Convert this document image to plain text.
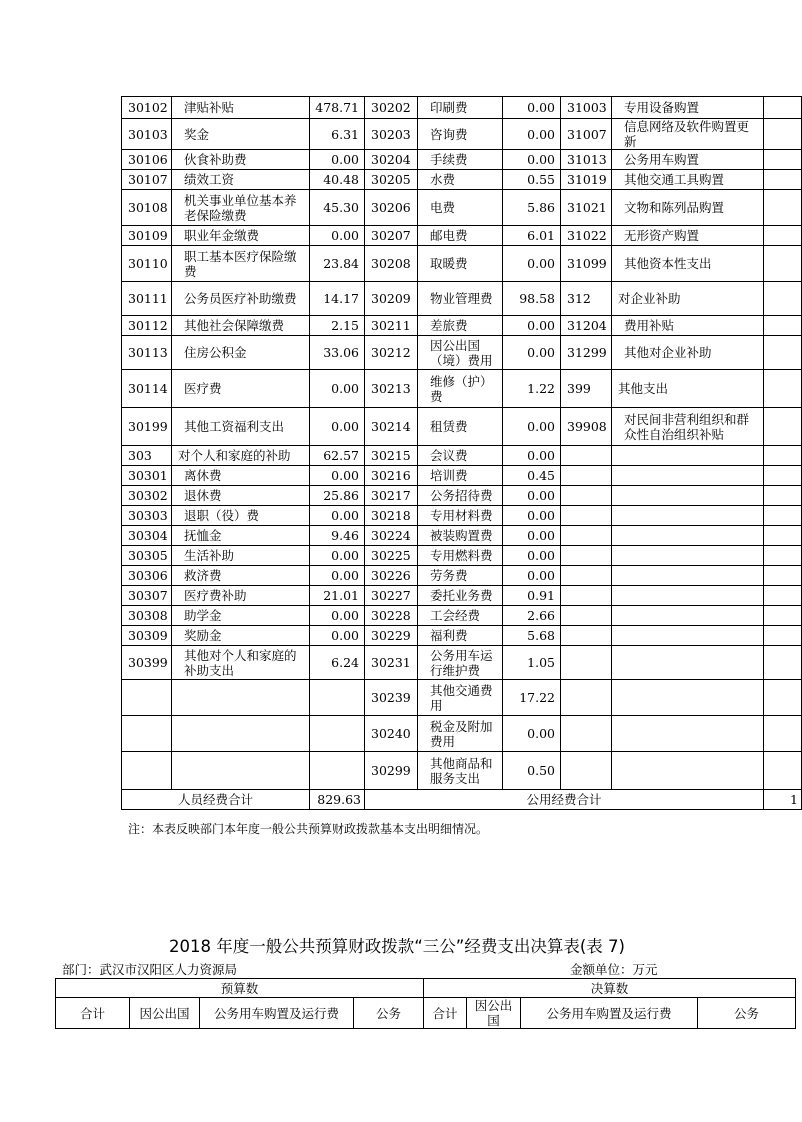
30102	津贴补贴	478.71	30202	印刷费	0.00	31003	专用设备购置	
30103	奖金	6.31	30203	咨询费	0.00	31007	信息网络及软件购置更新	
30106	伙食补助费	0.00	30204	手续费	0.00	31013	公务用车购置	
30107	绩效工资	40.48	30205	水费	0.55	31019	其他交通工具购置	
30108	机关事业单位基本养老保险缴费	45.30	30206	电费	5.86	31021	文物和陈列品购置	
30109	职业年金缴费	0.00	30207	邮电费	6.01	31022	无形资产购置	
30110	职工基本医疗保险缴费	23.84	30208	取暖费	0.00	31099	其他资本性支出	
30111	公务员医疗补助缴费	14.17	30209	物业管理费	98.58	312	对企业补助	
30112	其他社会保障缴费	2.15	30211	差旅费	0.00	31204	费用补贴	
30113	住房公积金	33.06	30212	因公出国（境）费用	0.00	31299	其他对企业补助	
30114	医疗费	0.00	30213	维修（护）费	1.22	399	其他支出	
30199	其他工资福利支出	0.00	30214	租赁费	0.00	39908	对民间非营利组织和群众性自治组织补贴	
303	对个人和家庭的补助	62.57	30215	会议费	0.00			
30301	离休费	0.00	30216	培训费	0.45			
30302	退休费	25.86	30217	公务招待费	0.00			
30303	退职（役）费	0.00	30218	专用材料费	0.00			
30304	抚恤金	9.46	30224	被装购置费	0.00			
30305	生活补助	0.00	30225	专用燃料费	0.00			
30306	救济费	0.00	30226	劳务费	0.00			
30307	医疗费补助	21.01	30227	委托业务费	0.91			
30308	助学金	0.00	30228	工会经费	2.66			
30309	奖励金	0.00	30229	福利费	5.68			
30399	其他对个人和家庭的补助支出	6.24	30231	公务用车运行维护费	1.05			
			30239	其他交通费用	17.22			
			30240	税金及附加费用	0.00			
			30299	其他商品和服务支出	0.50			
人员经费合计		829.63	公用经费合计					1
注：本表反映部门本年度一般公共预算财政拨款基本支出明细情况。
2018 年度一般公共预算财政拨款“三公”经费支出决算表(表 7)
部门：武汉市汉阳区人力资源局	金额单位：万元
预算数				决算数			
合计	因公出国	公务用车购置及运行费	公务	合计	因公出国	公务用车购置及运行费	公务
